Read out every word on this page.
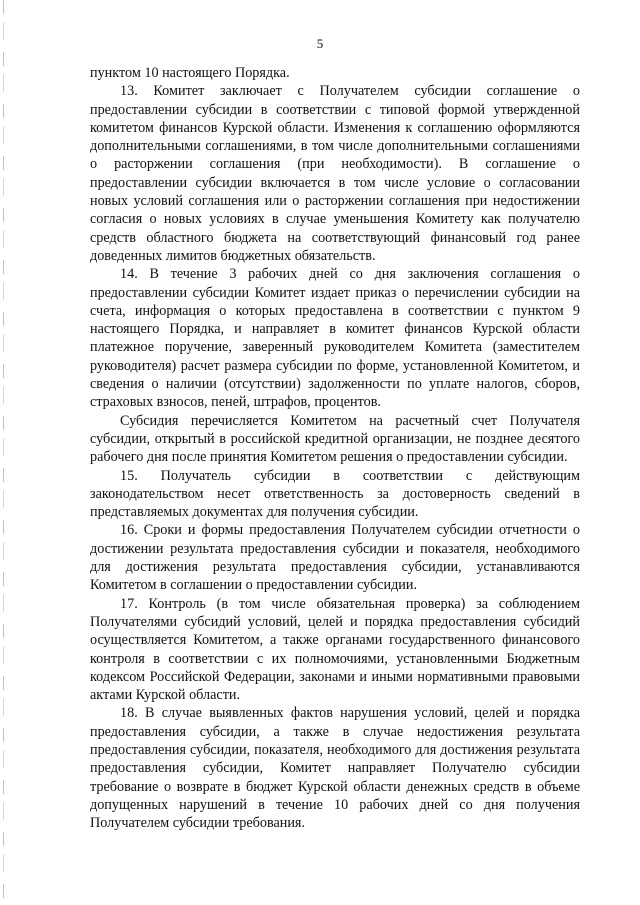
5

пунктом 10 настоящего Порядка.

13. Комитет заключает с Получателем субсидии соглашение о предоставлении субсидии в соответствии с типовой формой утвержденной комитетом финансов Курской области. Изменения к соглашению оформляются дополнительными соглашениями, в том числе дополнительными соглашениями о расторжении соглашения (при необходимости). В соглашение о предоставлении субсидии включается в том числе условие о согласовании новых условий соглашения или о расторжении соглашения при недостижении согласия о новых условиях в случае уменьшения Комитету как получателю средств областного бюджета на соответствующий финансовый год ранее доведенных лимитов бюджетных обязательств.

14. В течение 3 рабочих дней со дня заключения соглашения о предоставлении субсидии Комитет издает приказ о перечислении субсидии на счета, информация о которых предоставлена в соответствии с пунктом 9 настоящего Порядка, и направляет в комитет финансов Курской области платежное поручение, заверенный руководителем Комитета (заместителем руководителя) расчет размера субсидии по форме, установленной Комитетом, и сведения о наличии (отсутствии) задолженности по уплате налогов, сборов, страховых взносов, пеней, штрафов, процентов.

Субсидия перечисляется Комитетом на расчетный счет Получателя субсидии, открытый в российской кредитной организации, не позднее десятого рабочего дня после принятия Комитетом решения о предоставлении субсидии.

15. Получатель субсидии в соответствии с действующим законодательством несет ответственность за достоверность сведений в представляемых документах для получения субсидии.

16. Сроки и формы предоставления Получателем субсидии отчетности о достижении результата предоставления субсидии и показателя, необходимого для достижения результата предоставления субсидии, устанавливаются Комитетом в соглашении о предоставлении субсидии.

17. Контроль (в том числе обязательная проверка) за соблюдением Получателями субсидий условий, целей и порядка предоставления субсидий осуществляется Комитетом, а также органами государственного финансового контроля в соответствии с их полномочиями, установленными Бюджетным кодексом Российской Федерации, законами и иными нормативными правовыми актами Курской области.

18. В случае выявленных фактов нарушения условий, целей и порядка предоставления субсидии, а также в случае недостижения результата предоставления субсидии, показателя, необходимого для достижения результата предоставления субсидии, Комитет направляет Получателю субсидии требование о возврате в бюджет Курской области денежных средств в объеме допущенных нарушений в течение 10 рабочих дней со дня получения Получателем субсидии требования.
